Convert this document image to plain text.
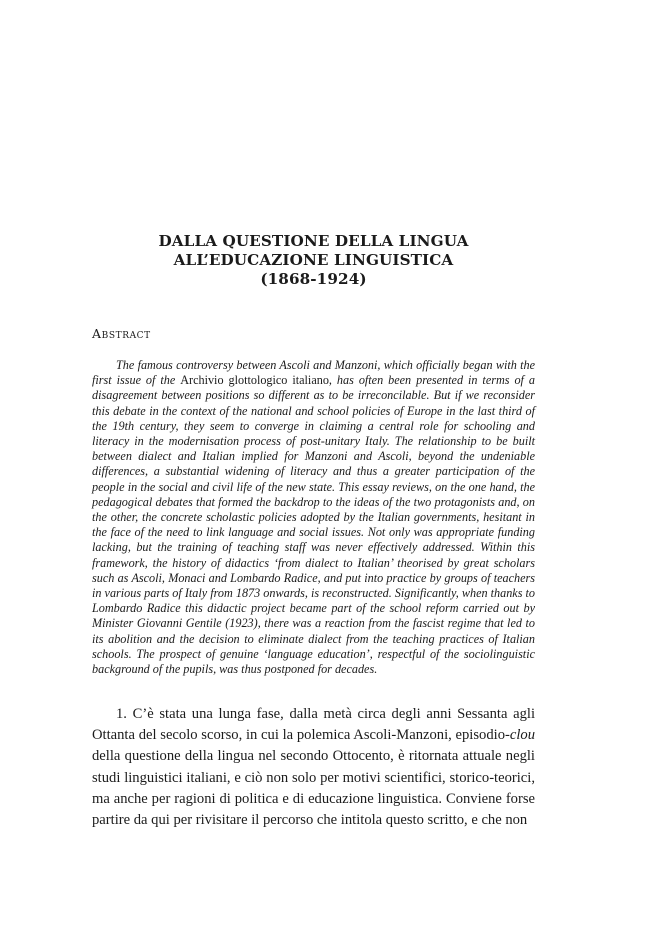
DALLA QUESTIONE DELLA LINGUA
ALL’EDUCAZIONE LINGUISTICA
(1868-1924)
Abstract

The famous controversy between Ascoli and Manzoni, which officially began with the first issue of the Archivio glottologico italiano, has often been presented in terms of a disagreement between positions so different as to be irreconcilable. But if we reconsider this debate in the context of the national and school policies of Europe in the last third of the 19th century, they seem to converge in claiming a central role for schooling and literacy in the modernisation process of post-unitary Italy. The relationship to be built between dialect and Italian implied for Manzoni and Ascoli, beyond the undeniable differences, a substantial widening of literacy and thus a greater participation of the people in the social and civil life of the new state. This essay reviews, on the one hand, the pedagogical debates that formed the backdrop to the ideas of the two protagonists and, on the other, the concrete scholastic policies adopted by the Italian governments, hesitant in the face of the need to link language and social issues. Not only was appropriate funding lacking, but the training of teaching staff was never effectively addressed. Within this framework, the history of didactics ‘from dialect to Italian’ theorised by great scholars such as Ascoli, Monaci and Lombardo Radice, and put into practice by groups of teachers in various parts of Italy from 1873 onwards, is reconstructed. Significantly, when thanks to Lombardo Radice this didactic project became part of the school reform carried out by Minister Giovanni Gentile (1923), there was a reaction from the fascist regime that led to its abolition and the decision to eliminate dialect from the teaching practices of Italian schools. The prospect of genuine ‘language education’, respectful of the sociolinguistic background of the pupils, was thus postponed for decades.

1. C’è stata una lunga fase, dalla metà circa degli anni Sessanta agli Ottanta del secolo scorso, in cui la polemica Ascoli-Manzoni, episodio-clou della questione della lingua nel secondo Ottocento, è ritornata attuale negli studi linguistici italiani, e ciò non solo per motivi scientifici, storico-teorici, ma anche per ragioni di politica e di educazione linguistica. Conviene forse partire da qui per rivisitare il percorso che intitola questo scritto, e che non
